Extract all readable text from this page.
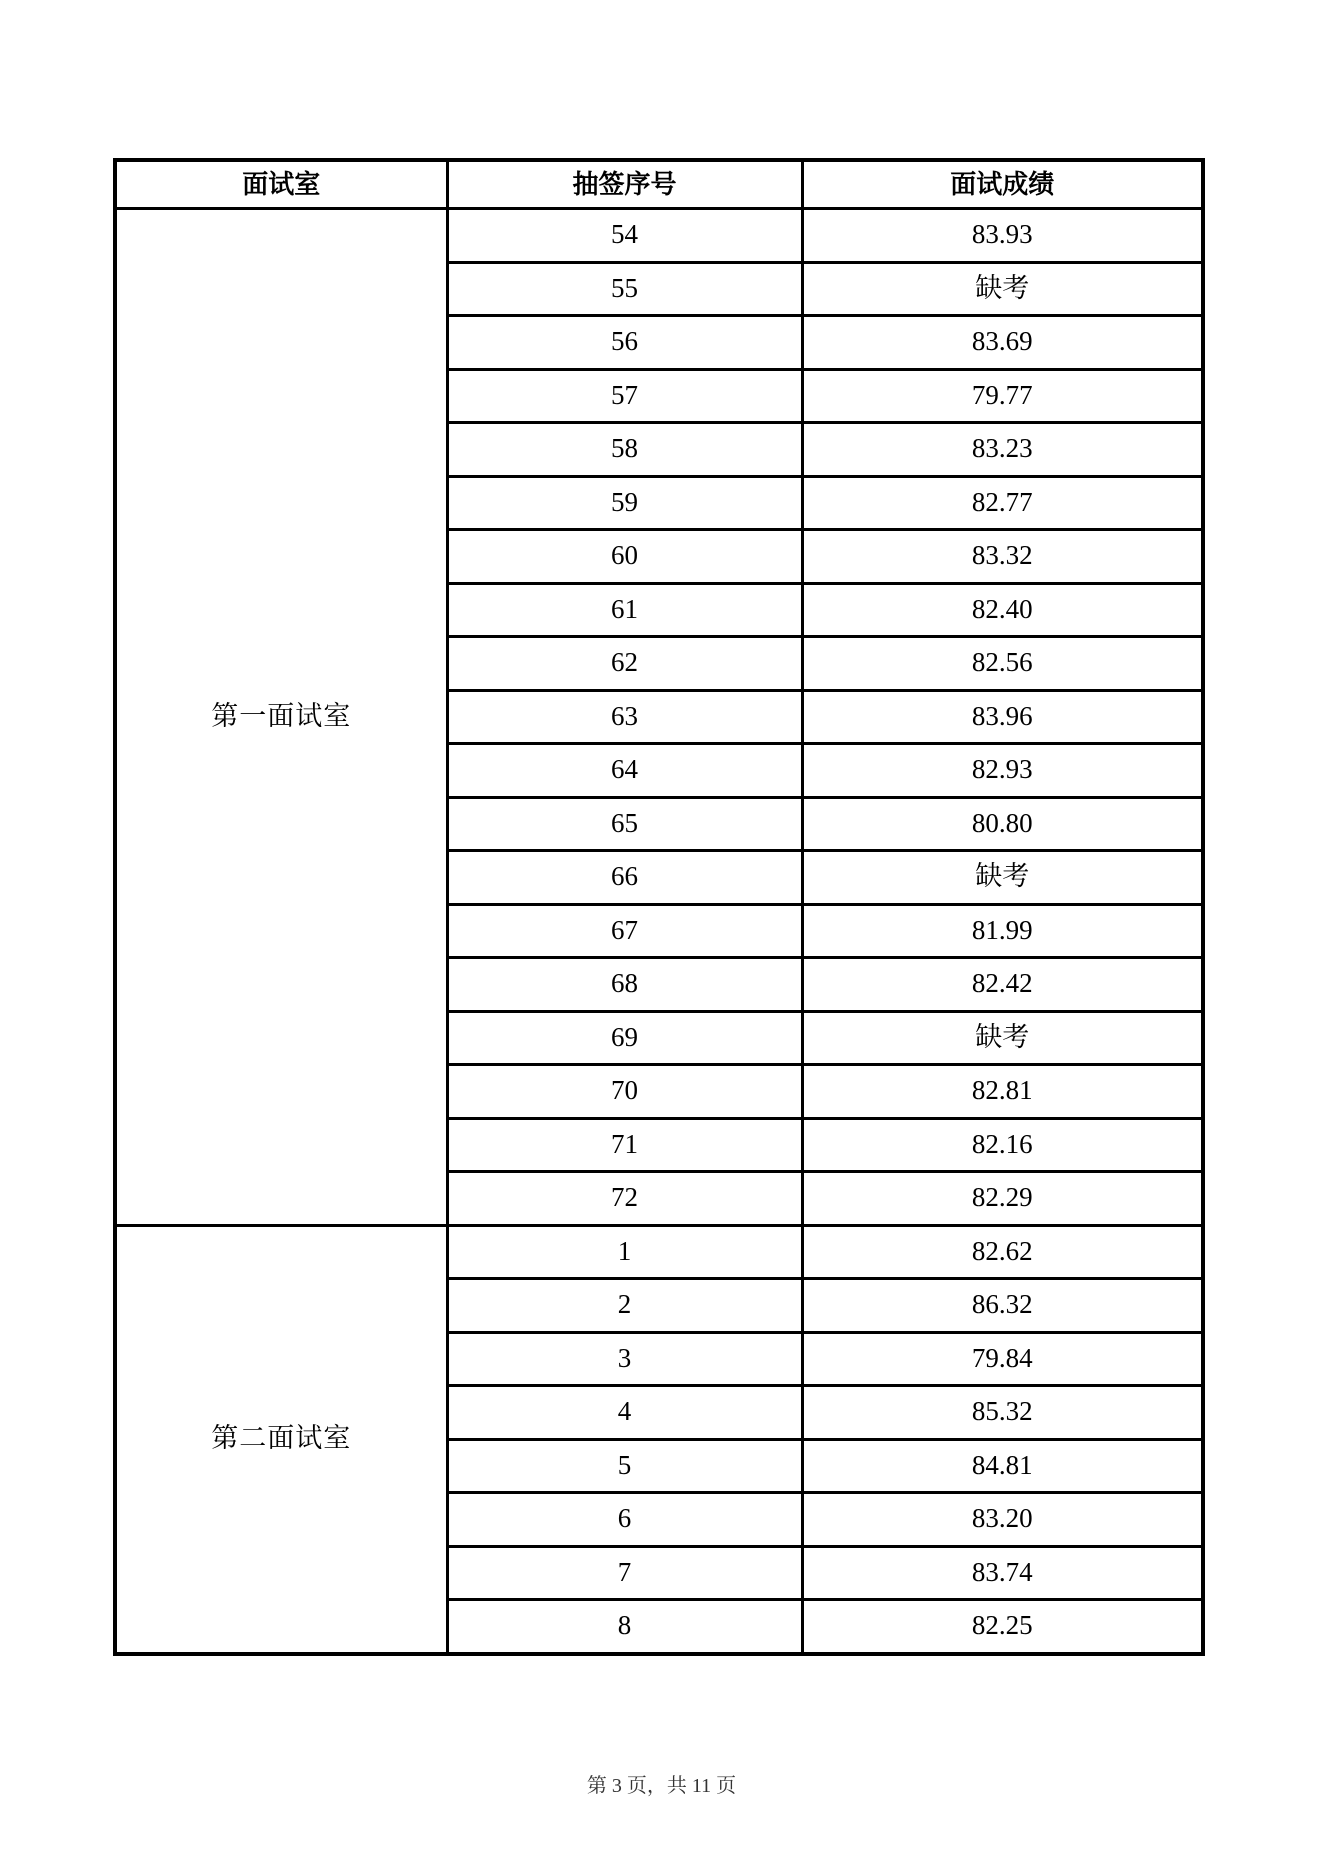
面试室	抽签序号	面试成绩
第一面试室	54	83.93
	55	缺考
	56	83.69
	57	79.77
	58	83.23
	59	82.77
	60	83.32
	61	82.40
	62	82.56
	63	83.96
	64	82.93
	65	80.80
	66	缺考
	67	81.99
	68	82.42
	69	缺考
	70	82.81
	71	82.16
	72	82.29
第二面试室	1	82.62
	2	86.32
	3	79.84
	4	85.32
	5	84.81
	6	83.20
	7	83.74
	8	82.25
第 3 页，共 11 页
